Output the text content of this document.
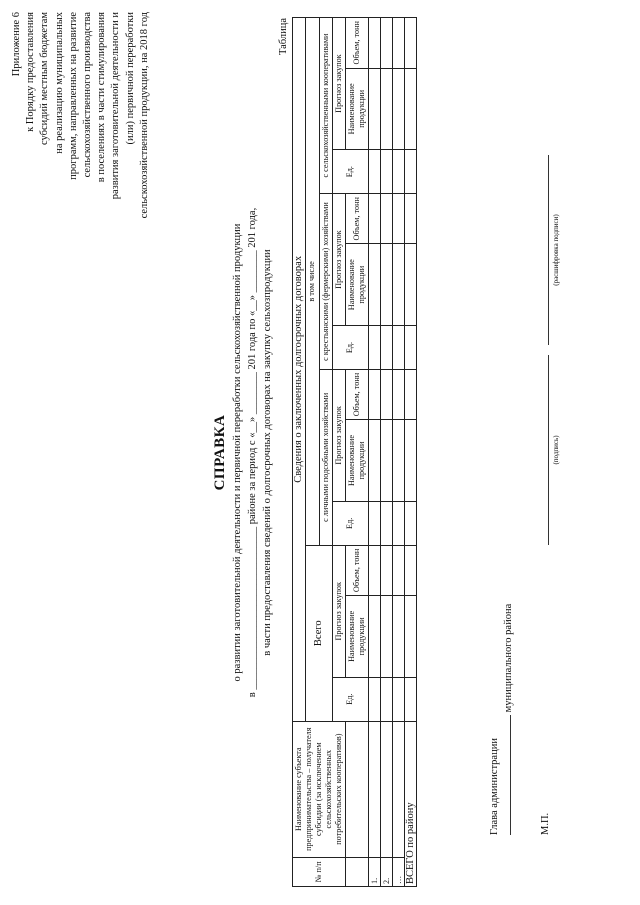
Приложение 6 к Порядку предоставления субсидий местным бюджетам на реализацию муниципальных программ, направленных на развитие сельскохозяйственного производства в поселениях в части стимулирования развития заготовительной деятельности и (или) первичной переработки сельскохозяйственной продукции, на 2018 год
СПРАВКА о развитии заготовительной деятельности и первичной переработки сельскохозяйственной продукции в _______________________________ районе за период с «__» ________ 201 года по «__» ________ 201 года, в части предоставления сведений о долгосрочных договорах на закупку сельхозпродукции
Таблица
№ п/п	Наименование субъекта предпринимательства – получателя субсидии (за исключением сельскохозяйственных потребительских кооперативов)	Сведения о заключенных долгосрочных договорах											
		Всего			в том числе								
					с личными подсобными хозяйствами			с крестьянскими (фермерскими) хозяйствами			с сельскохозяйственными кооперативами		
		Ед.	Прогноз закупок		Ед.	Прогноз закупок		Ед.	Прогноз закупок		Ед.	Прогноз закупок	
			Наименование продукции	Объем, тонн		Наименование продукции	Объем, тонн		Наименование продукции	Объем, тонн		Наименование продукции	Объем, тонн
1.													
2.													
…													
ВСЕГО по району													
Глава администрации
муниципального района
М.П.
(подпись)
(расшифровка подписи)
